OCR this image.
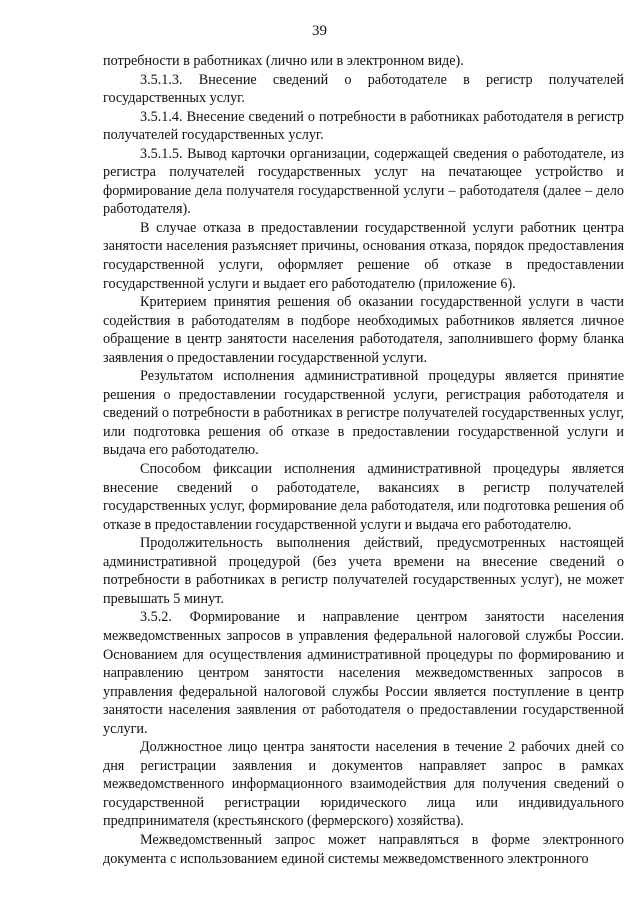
39

потребности в работниках (лично или в электронном виде).

3.5.1.3. Внесение сведений о работодателе в регистр получателей государственных услуг.

3.5.1.4. Внесение сведений о потребности в работниках работодателя в регистр получателей государственных услуг.

3.5.1.5. Вывод карточки организации, содержащей сведения о работодателе, из регистра получателей государственных услуг на печатающее устройство и формирование дела получателя государственной услуги – работодателя (далее – дело работодателя).

В случае отказа в предоставлении государственной услуги работник центра занятости населения разъясняет причины, основания отказа, порядок предоставления государственной услуги, оформляет решение об отказе в предоставлении государственной услуги и выдает его работодателю (приложение 6).

Критерием принятия решения об оказании государственной услуги в части содействия в работодателям в подборе необходимых работников является личное обращение в центр занятости населения работодателя, заполнившего форму бланка заявления о предоставлении государственной услуги.

Результатом исполнения административной процедуры является принятие решения о предоставлении государственной услуги, регистрация работодателя и сведений о потребности в работниках в регистре получателей государственных услуг, или подготовка решения об отказе в предоставлении государственной услуги и выдача его работодателю.

Способом фиксации исполнения административной процедуры является внесение сведений о работодателе, вакансиях в регистр получателей государственных услуг, формирование дела работодателя, или подготовка решения об отказе в предоставлении государственной услуги и выдача его работодателю.

Продолжительность выполнения действий, предусмотренных настоящей административной процедурой (без учета времени на внесение сведений о потребности в работниках в регистр получателей государственных услуг), не может превышать 5 минут.

3.5.2. Формирование и направление центром занятости населения межведомственных запросов в управления федеральной налоговой службы России. Основанием для осуществления административной процедуры по формированию и направлению центром занятости населения межведомственных запросов в управления федеральной налоговой службы России является поступление в центр занятости населения заявления от работодателя о предоставлении государственной услуги.

Должностное лицо центра занятости населения в течение 2 рабочих дней со дня регистрации заявления и документов направляет запрос в рамках межведомственного информационного взаимодействия для получения сведений о государственной регистрации юридического лица или индивидуального предпринимателя (крестьянского (фермерского) хозяйства).

Межведомственный запрос может направляться в форме электронного документа с использованием единой системы межведомственного электронного
